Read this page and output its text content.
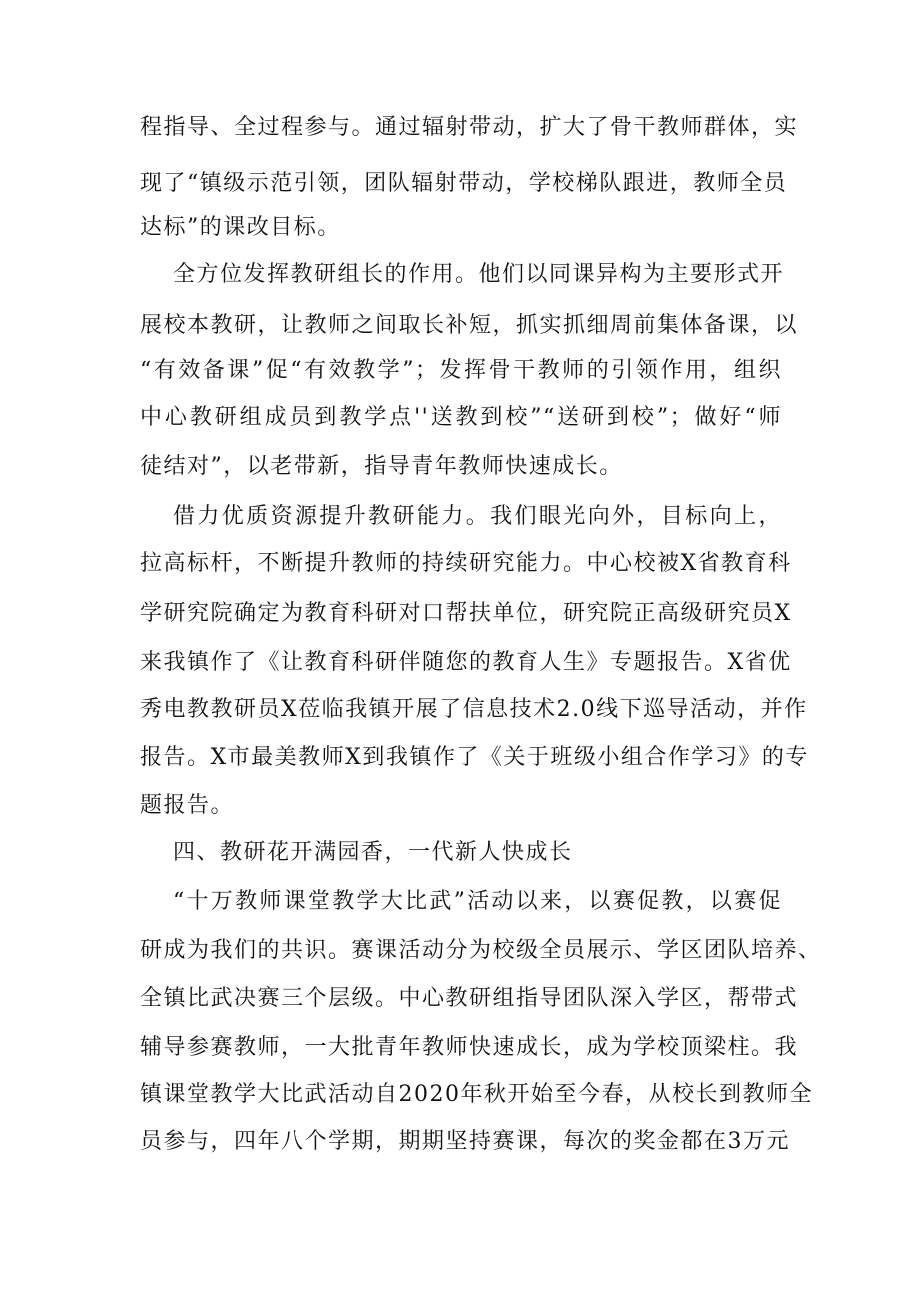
程指导、全过程参与。通过辐射带动，扩大了骨干教师群体，实
现了“镇级示范引领，团队辐射带动，学校梯队跟进，教师全员
达标”的课改目标。
全方位发挥教研组长的作用。他们以同课异构为主要形式开
展校本教研，让教师之间取长补短，抓实抓细周前集体备课，以
“有效备课”促“有效教学”；发挥骨干教师的引领作用，组织
中心教研组成员到教学点''送教到校”“送研到校”；做好“师
徒结对”，以老带新，指导青年教师快速成长。
借力优质资源提升教研能力。我们眼光向外，目标向上，
拉高标杆，不断提升教师的持续研究能力。中心校被X省教育科
学研究院确定为教育科研对口帮扶单位，研究院正高级研究员X
来我镇作了《让教育科研伴随您的教育人生》专题报告。X省优
秀电教教研员X莅临我镇开展了信息技术2.0线下巡导活动，并作
报告。X市最美教师X到我镇作了《关于班级小组合作学习》的专
题报告。
四、教研花开满园香，一代新人快成长
“十万教师课堂教学大比武”活动以来，以赛促教，以赛促
研成为我们的共识。赛课活动分为校级全员展示、学区团队培养、
全镇比武决赛三个层级。中心教研组指导团队深入学区，帮带式
辅导参赛教师，一大批青年教师快速成长，成为学校顶梁柱。我
镇课堂教学大比武活动自2020年秋开始至今春，从校长到教师全
员参与，四年八个学期，期期坚持赛课，每次的奖金都在3万元
